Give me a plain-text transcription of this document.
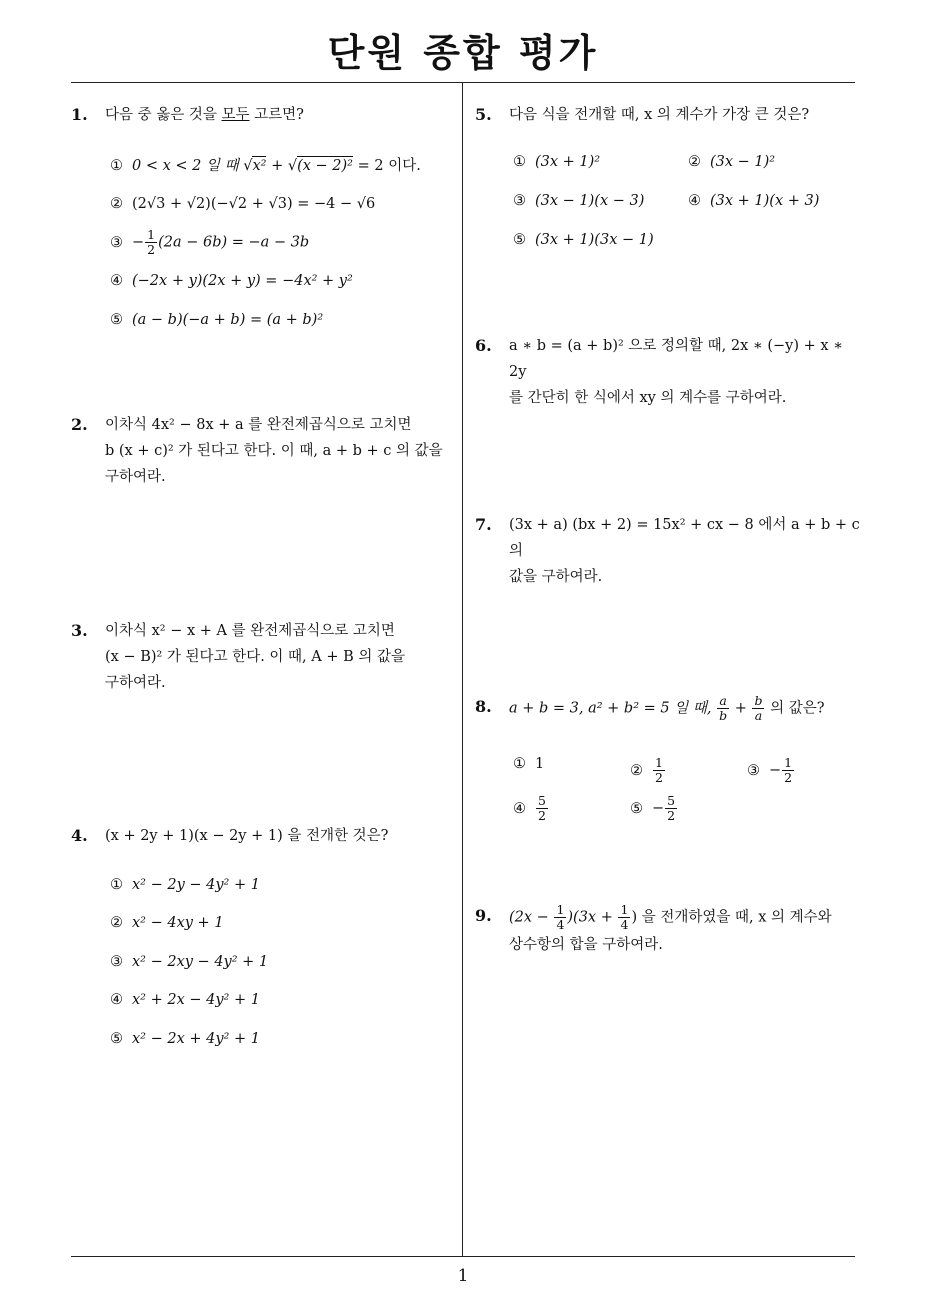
단원 종합 평가
1
1. 다음 중 옳은 것을 모두 고르면?
① 0 < x < 2 일 때 √x² + √(x − 2)² = 2 이다.
② (2√3 + √2)(−√2 + √3) = −4 − √6
③ − $\frac{1}{2} (2a - 6b) = -a - 3b$
④ (−2x + y)(2x + y) = −4x² + y²
⑤ (a − b)(−a + b) = (a + b)²
2. 이차식 4x² − 8x + a 를 완전제곱식으로 고치면
b (x + c)² 가 된다고 한다. 이 때, a + b + c 의 값을
구하여라.
3. 이차식 x² − x + A 를 완전제곱식으로 고치면
(x − B)² 가 된다고 한다. 이 때, A + B 의 값을
구하여라.
4. (x + 2y + 1)(x − 2y + 1) 을 전개한 것은?
① x² − 2y − 4y² + 1
② x² − 4xy + 1
③ x² − 2xy − 4y² + 1
④ x² + 2x − 4y² + 1
⑤ x² − 2x + 4y² + 1
5. 다음 식을 전개할 때, x 의 계수가 가장 큰 것은?
① (3x + 1)²	② (3x − 1)²
③ (3x − 1)(x − 3)	④ (3x + 1)(x + 3)
⑤ (3x + 1)(3x − 1)
6. a ∗ b = (a + b)² 으로 정의할 때, 2x ∗ (−y) + x ∗ 2y
를 간단히 한 식에서 xy 의 계수를 구하여라.
7. (3x + a) (bx + 2) = 15x² + cx − 8 에서 a + b + c 의
값을 구하여라.
8. a + b = 3, a² + b² = 5 일 때, $\frac{a}{b} + \frac{b}{a}$ 의 값은?
① 1	② $\frac{1}{2}$	③ − $\frac{1}{2}$
④ $\frac{5}{2}$	⑤ − $\frac{5}{2}$
9. $(2x - \frac{1}{4} )(3x + \frac{1}{4}$ ) 을 전개하였을 때, x 의 계수와
상수항의 합을 구하여라.
